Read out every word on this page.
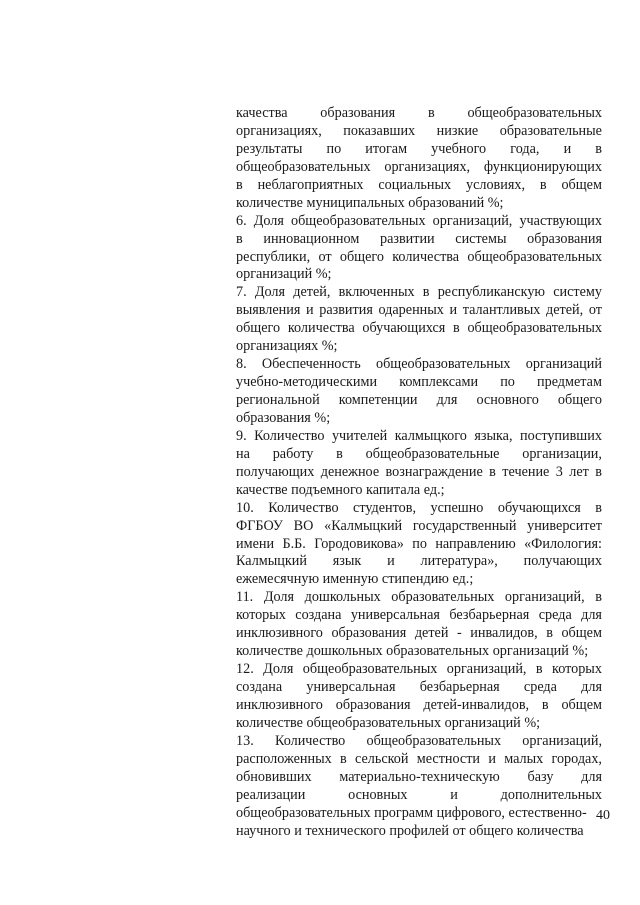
качества образования в общеобразовательных
организациях, показавших низкие образовательные
результаты по итогам учебного года, и в
общеобразовательных организациях, функционирующих
в неблагоприятных социальных условиях, в общем
количестве муниципальных образований %;
6. Доля общеобразовательных организаций, участвующих
в инновационном развитии системы образования
республики, от общего количества общеобразовательных
организаций %;
7. Доля детей, включенных в республиканскую систему
выявления и развития одаренных и талантливых детей, от
общего количества обучающихся в общеобразовательных
организациях %;
8. Обеспеченность общеобразовательных организаций
учебно-методическими комплексами по предметам
региональной компетенции для основного общего
образования %;
9. Количество учителей калмыцкого языка, поступивших
на работу в общеобразовательные организации,
получающих денежное вознаграждение в течение 3 лет в
качестве подъемного капитала ед.;
10. Количество студентов, успешно обучающихся в
ФГБОУ ВО «Калмыцкий государственный университет
имени Б.Б. Городовикова» по направлению «Филология:
Калмыцкий язык и литература», получающих
ежемесячную именную стипендию ед.;
11. Доля дошкольных образовательных организаций, в
которых создана универсальная безбарьерная среда для
инклюзивного образования детей - инвалидов, в общем
количестве дошкольных образовательных организаций %;
12. Доля общеобразовательных организаций, в которых
создана универсальная безбарьерная среда для
инклюзивного образования детей-инвалидов, в общем
количестве общеобразовательных организаций %;
13. Количество общеобразовательных организаций,
расположенных в сельской местности и малых городах,
обновивших материально-техническую базу для
реализации	основных	и	дополнительных
общеобразовательных программ цифрового, естественно-
научного и технического профилей от общего количества
40
